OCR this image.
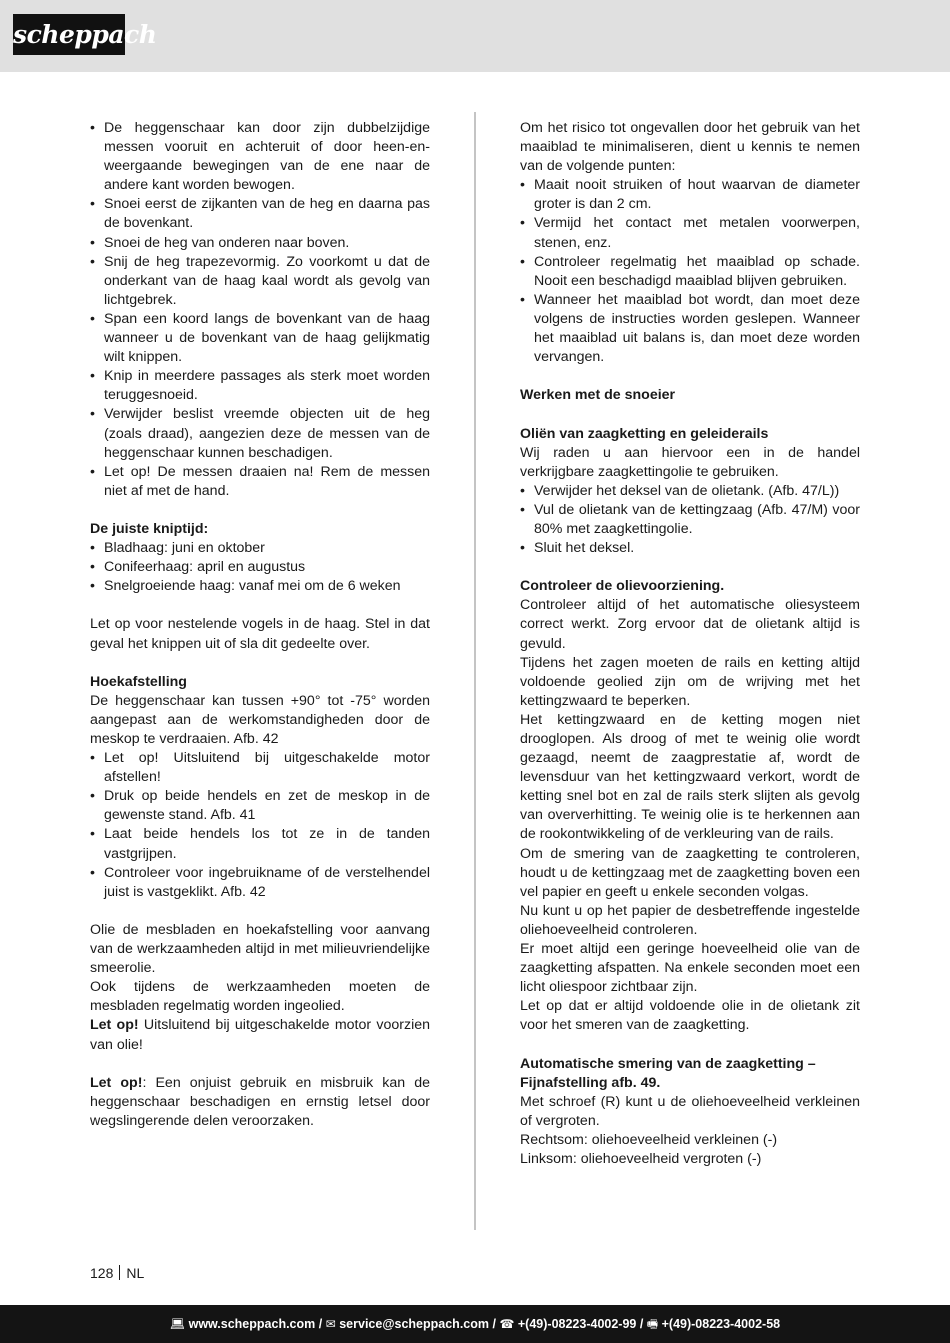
scheppach
• De heggenschaar kan door zijn dubbelzijdige messen vooruit en achteruit of door heen-en-weergaande bewegingen van de ene naar de andere kant worden bewogen.
• Snoei eerst de zijkanten van de heg en daarna pas de bovenkant.
• Snoei de heg van onderen naar boven.
• Snij de heg trapezevormig. Zo voorkomt u dat de onderkant van de haag kaal wordt als gevolg van lichtgebrek.
• Span een koord langs de bovenkant van de haag wanneer u de bovenkant van de haag gelijkmatig wilt knippen.
• Knip in meerdere passages als sterk moet worden teruggesnoeid.
• Verwijder beslist vreemde objecten uit de heg (zoals draad), aangezien deze de messen van de heggenschaar kunnen beschadigen.
• Let op! De messen draaien na! Rem de messen niet af met de hand.

De juiste kniptijd:

• Bladhaag: juni en oktober
• Conifeerhaag: april en augustus
• Snelgroeiende haag: vanaf mei om de 6 weken

Let op voor nestelende vogels in de haag. Stel in dat geval het knippen uit of sla dit gedeelte over.

Hoekafstelling

De heggenschaar kan tussen +90° tot -75° worden aangepast aan de werkomstandigheden door de meskop te verdraaien. Afb. 42

• Let op! Uitsluitend bij uitgeschakelde motor afstellen!
• Druk op beide hendels en zet de meskop in de gewenste stand. Afb. 41
• Laat beide hendels los tot ze in de tanden vastgrijpen.
• Controleer voor ingebruikname of de verstelhendel juist is vastgeklikt. Afb. 42

Olie de mesbladen en hoekafstelling voor aanvang van de werkzaamheden altijd in met milieuvriendelijke smeerolie.

Ook tijdens de werkzaamheden moeten de mesbladen regelmatig worden ingeolied.

Let op! Uitsluitend bij uitgeschakelde motor voorzien van olie!

Let op!: Een onjuist gebruik en misbruik kan de heggenschaar beschadigen en ernstig letsel door wegslingerende delen veroorzaken.

Om het risico tot ongevallen door het gebruik van het maaiblad te minimaliseren, dient u kennis te nemen van de volgende punten:

• Maait nooit struiken of hout waarvan de diameter groter is dan 2 cm.
• Vermijd het contact met metalen voorwerpen, stenen, enz.
• Controleer regelmatig het maaiblad op schade. Nooit een beschadigd maaiblad blijven gebruiken.
• Wanneer het maaiblad bot wordt, dan moet deze volgens de instructies worden geslepen. Wanneer het maaiblad uit balans is, dan moet deze worden vervangen.

Werken met de snoeier

Oliën van zaagketting en geleiderails

Wij raden u aan hiervoor een in de handel verkrijgbare zaagkettingolie te gebruiken.

• Verwijder het deksel van de olietank. (Afb. 47/L))
• Vul de olietank van de kettingzaag (Afb. 47/M) voor 80% met zaagkettingolie.
• Sluit het deksel.

Controleer de olievoorziening.

Controleer altijd of het automatische oliesysteem correct werkt. Zorg ervoor dat de olietank altijd is gevuld.

Tijdens het zagen moeten de rails en ketting altijd voldoende geolied zijn om de wrijving met het kettingzwaard te beperken.

Het kettingzwaard en de ketting mogen niet drooglopen. Als droog of met te weinig olie wordt gezaagd, neemt de zaagprestatie af, wordt de levensduur van het kettingzwaard verkort, wordt de ketting snel bot en zal de rails sterk slijten als gevolg van oververhitting. Te weinig olie is te herkennen aan de rookontwikkeling of de verkleuring van de rails.

Om de smering van de zaagketting te controleren, houdt u de kettingzaag met de zaagketting boven een vel papier en geeft u enkele seconden volgas.

Nu kunt u op het papier de desbetreffende ingestelde oliehoeveelheid controleren.

Er moet altijd een geringe hoeveelheid olie van de zaagketting afspatten. Na enkele seconden moet een licht oliespoor zichtbaar zijn.

Let op dat er altijd voldoende olie in de olietank zit voor het smeren van de zaagketting.

Automatische smering van de zaagketting –

Fijnafstelling afb. 49.

Met schroef (R) kunt u de oliehoeveelheid verkleinen of vergroten.

Rechtsom: oliehoeveelheid verkleinen (-)

Linksom: oliehoeveelheid vergroten (-)

128 NL
💻︎ www.scheppach.com / ✉︎ service@scheppach.com / ☎︎ +(49)-08223-4002-99 / 🖷︎ +(49)-08223-4002-58
